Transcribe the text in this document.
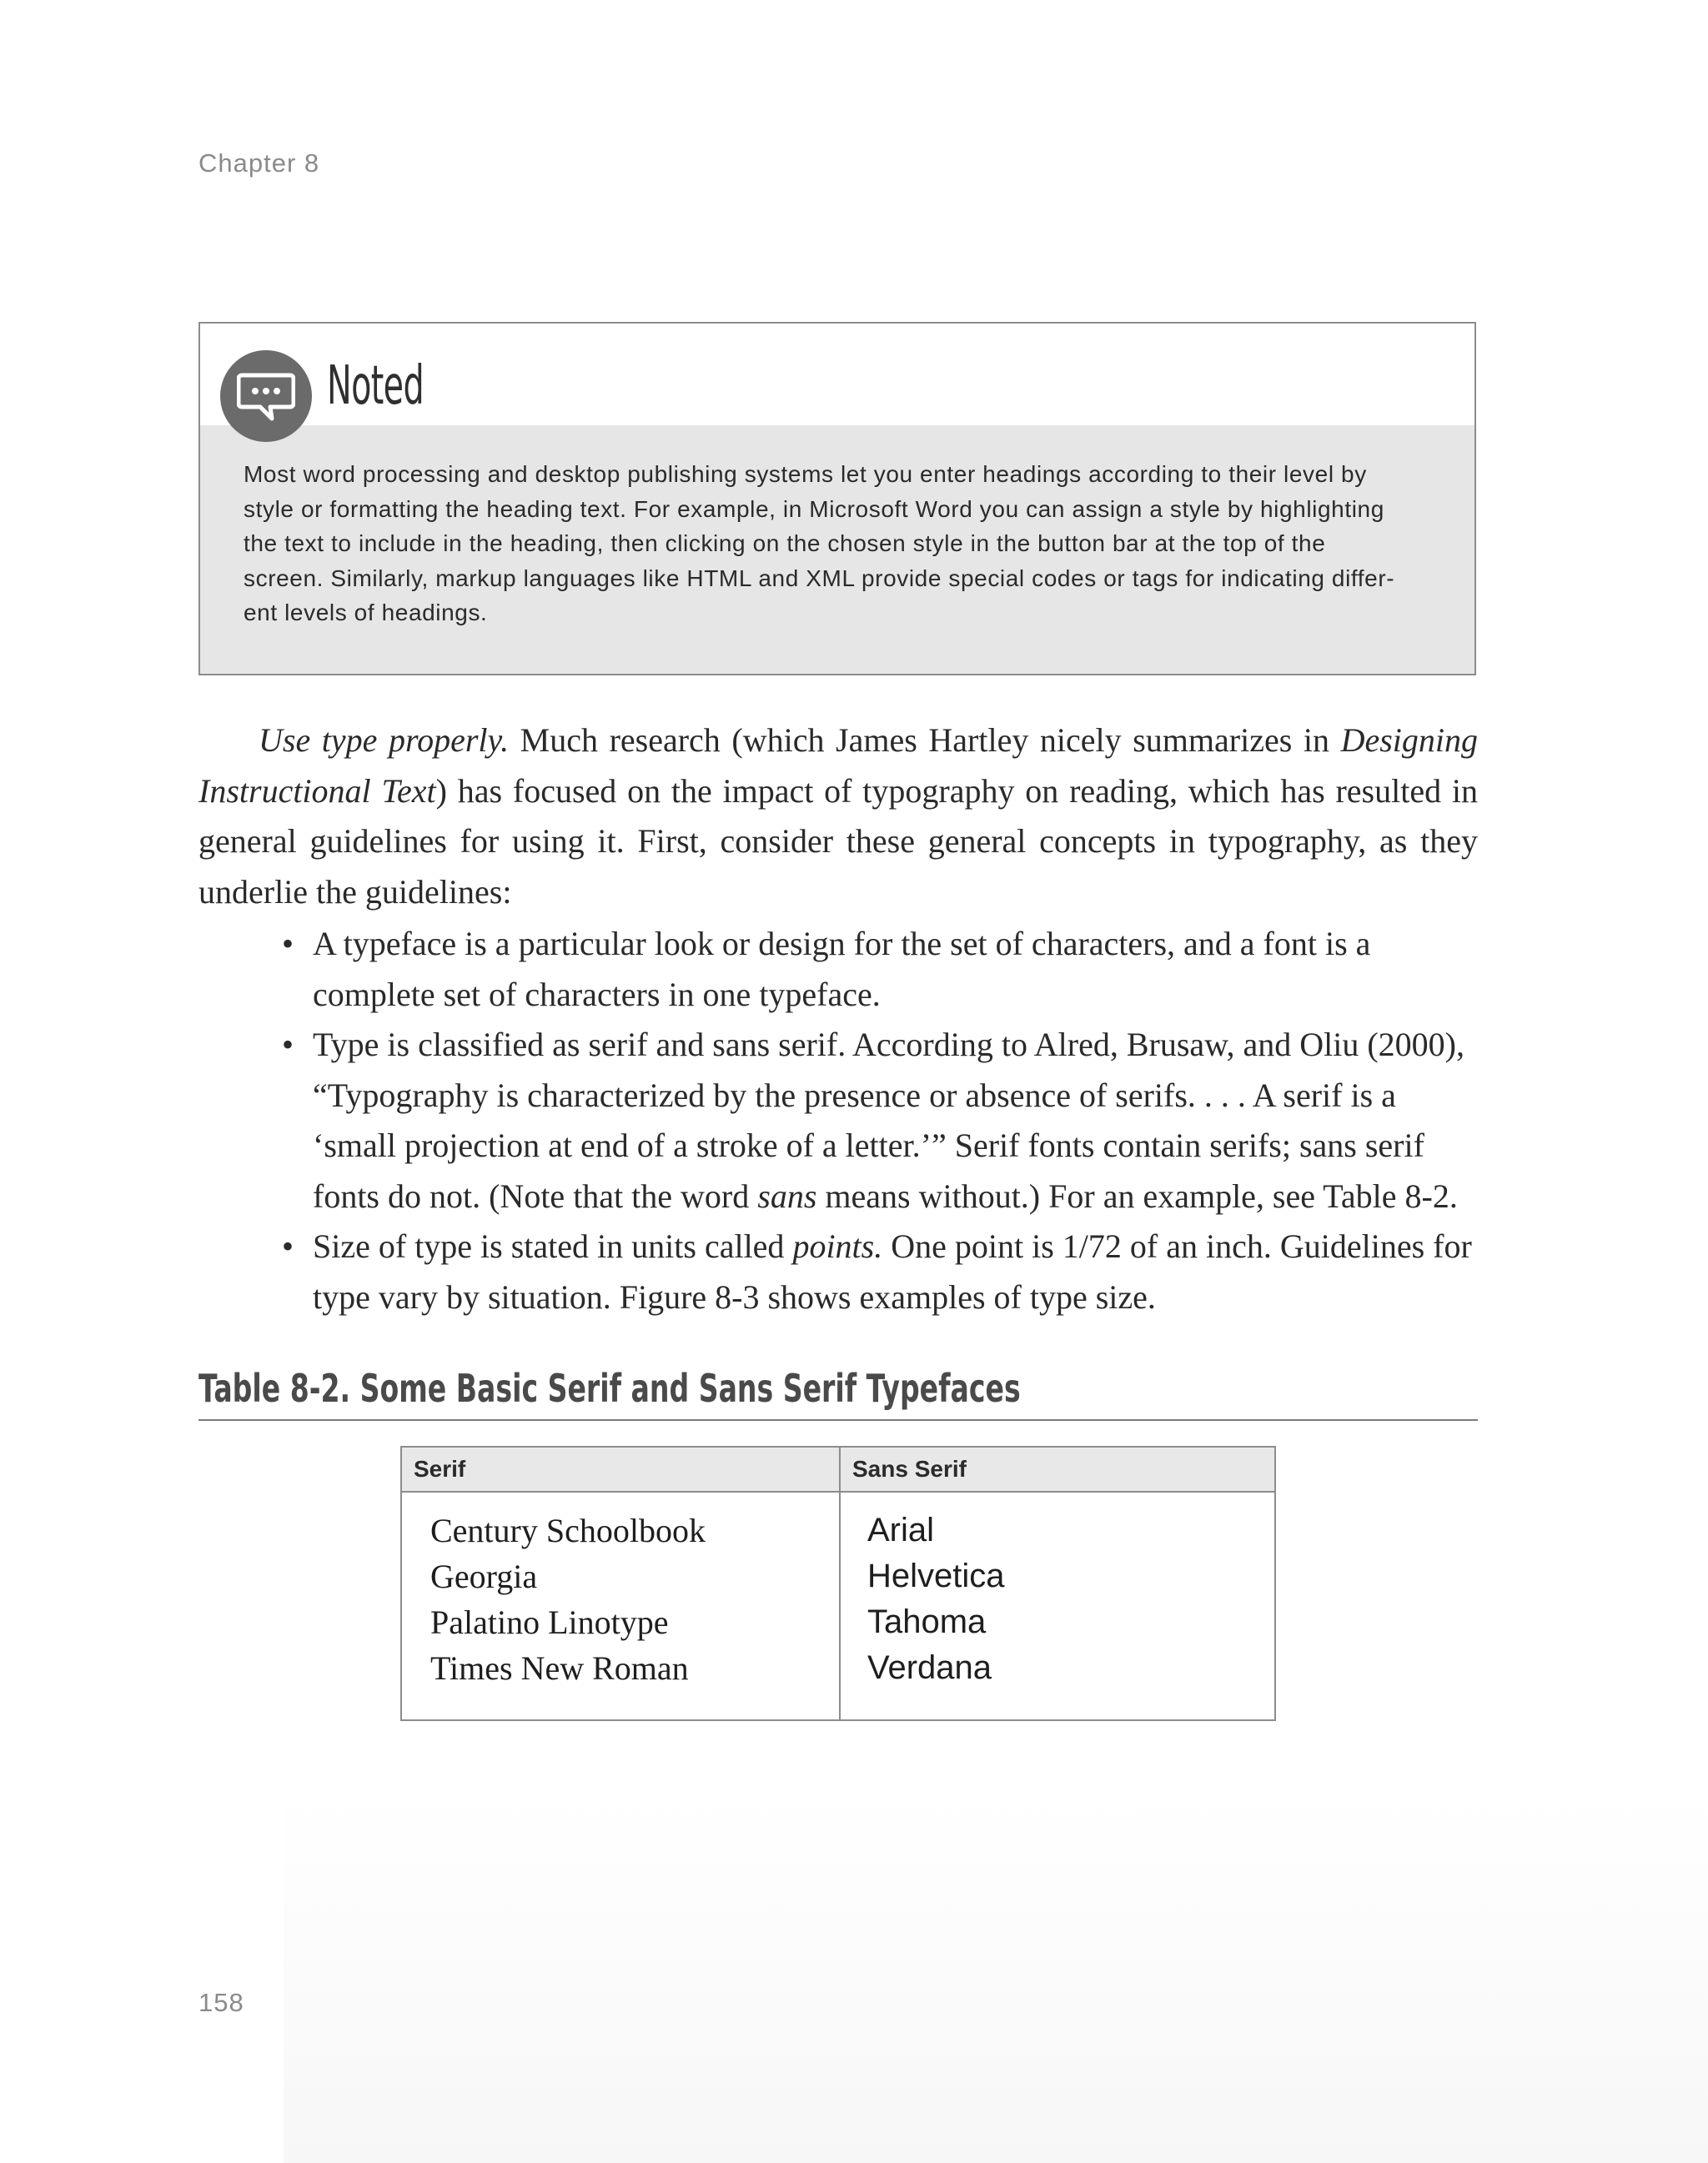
Chapter 8
Noted
Most word processing and desktop publishing systems let you enter headings according to their level by
style or formatting the heading text. For example, in Microsoft Word you can assign a style by highlighting
the text to include in the heading, then clicking on the chosen style in the button bar at the top of the
screen. Similarly, markup languages like HTML and XML provide special codes or tags for indicating differ-
ent levels of headings.

Use type properly. Much research (which James Hartley nicely summarizes in Designing Instructional Text) has focused on the impact of typography on reading, which has resulted in general guidelines for using it. First, consider these general concepts in typography, as they underlie the guidelines:

• A typeface is a particular look or design for the set of characters, and a font is a complete set of characters in one typeface.
• Type is classified as serif and sans serif. According to Alred, Brusaw, and Oliu (2000), “Typography is characterized by the presence or absence of serifs. . . . A serif is a ‘small projection at end of a stroke of a letter.’” Serif fonts contain serifs; sans serif fonts do not. (Note that the word sans means without.) For an example, see Table 8-2.
• Size of type is stated in units called points. One point is 1/72 of an inch. Guidelines for type vary by situation. Figure 8-3 shows examples of type size.
Table 8-2. Some Basic Serif and Sans Serif Typefaces
Serif	Sans Serif
Century Schoolbook
Georgia
Palatino Linotype
Times New Roman
Arial
Helvetica
Tahoma
Verdana
158
